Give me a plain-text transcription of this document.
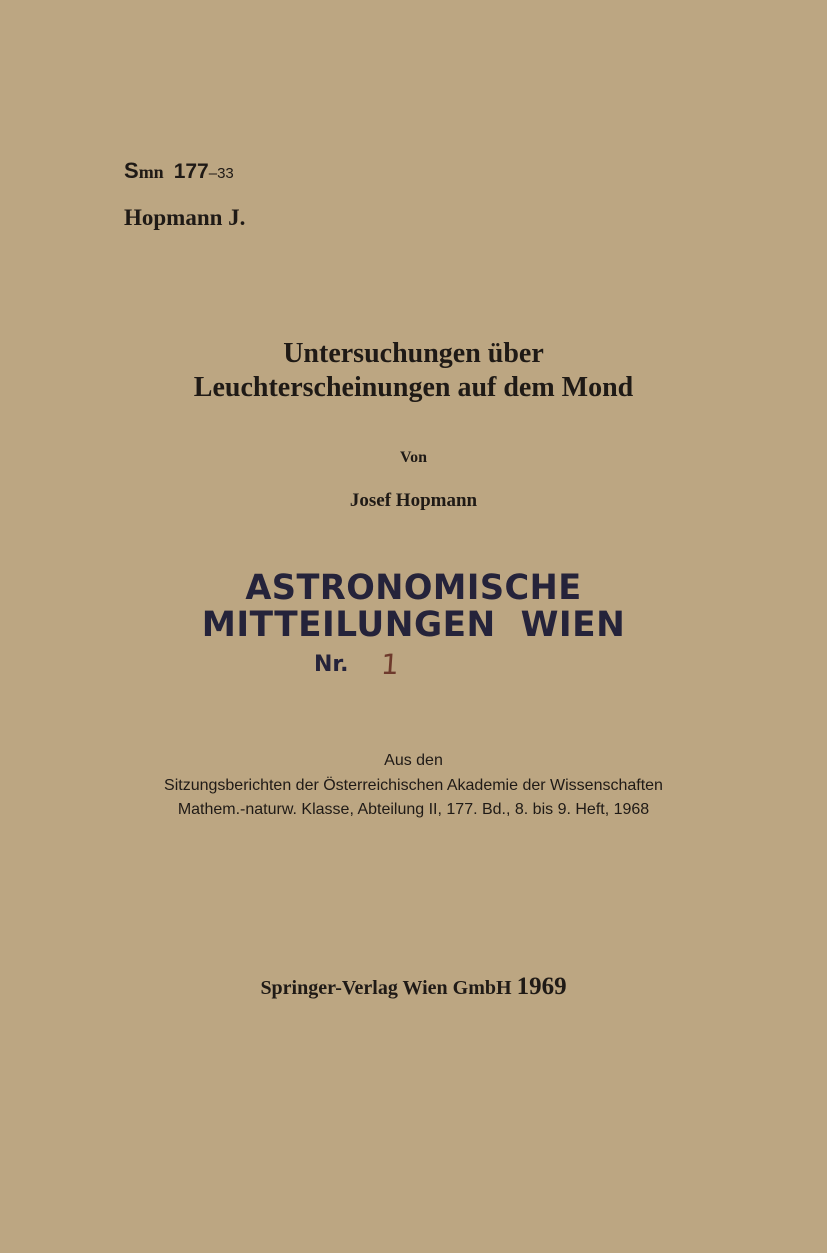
Smn 177–33
Hopmann J.
Untersuchungen über
Leuchterscheinungen auf dem Mond
Von
Josef Hopmann
ASTRONOMISCHE
MITTEILUNGEN  WIEN
Nr. 1
Aus den
Sitzungsberichten der Österreichischen Akademie der Wissenschaften
Mathem.-naturw. Klasse, Abteilung II, 177. Bd., 8. bis 9. Heft, 1968
Springer-Verlag Wien GmbH 1969
